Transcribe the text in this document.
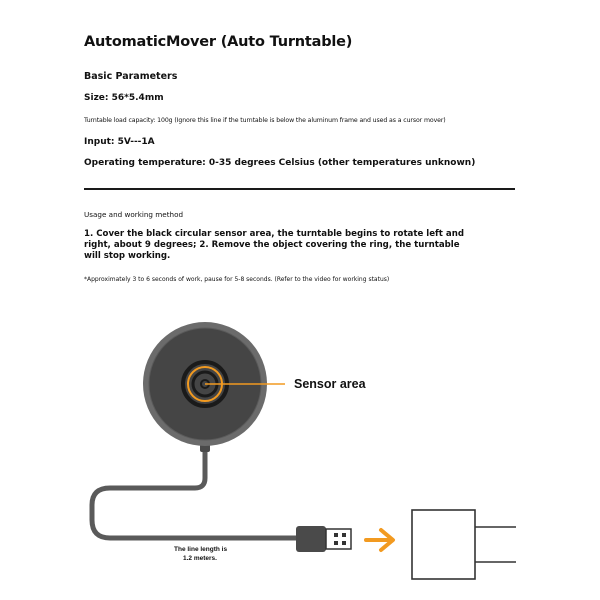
AutomaticMover (Auto Turntable)
Basic Parameters
Size: 56*5.4mm
Turntable load capacity: 100g (Ignore this line if the turntable is below the aluminum frame and used as a cursor mover)
Input: 5V---1A
Operating temperature: 0-35 degrees Celsius (other temperatures unknown)
Usage and working method
1. Cover the black circular sensor area, the turntable begins to rotate left and right, about 9 degrees; 2. Remove the object covering the ring, the turntable will stop working.
*Approximately 3 to 6 seconds of work, pause for 5-8 seconds. (Refer to the video for working status)
Sensor area
The line length is
1.2 meters.
